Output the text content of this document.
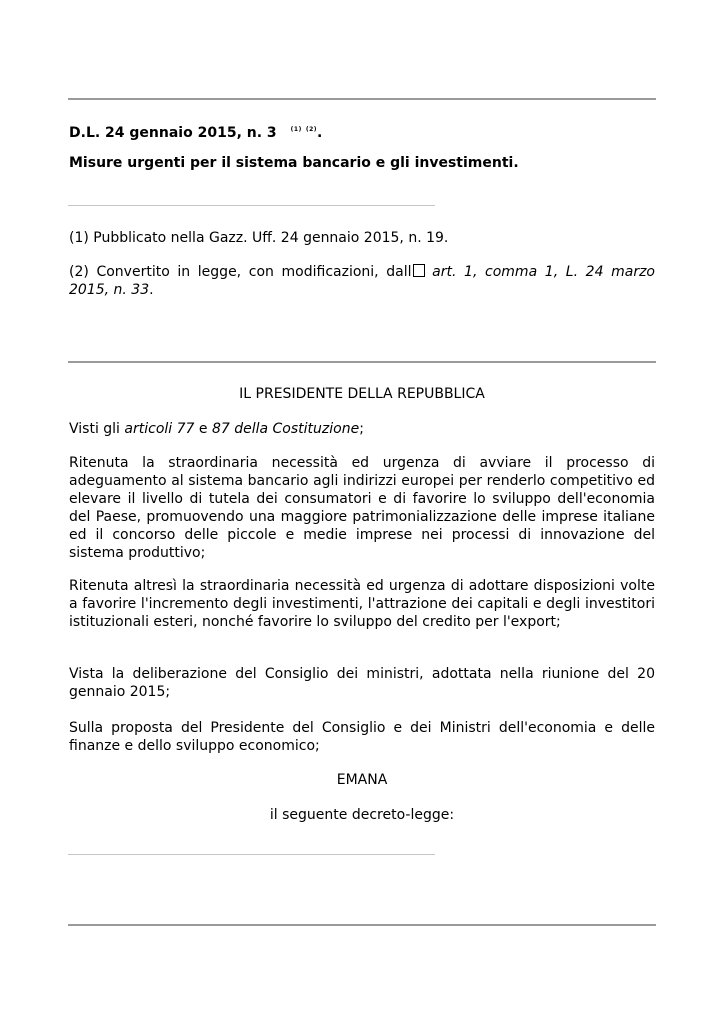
D.L. 24 gennaio 2015, n. 3 $^{(1)}$ $^{(2)}$.

Misure urgenti per il sistema bancario e gli investimenti.

(1) Pubblicato nella Gazz. Uff. 24 gennaio 2015, n. 19.

(2) Convertito in legge, con modificazioni, dall art. 1, comma 1, L. 24 marzo 2015, n. 33.

IL PRESIDENTE DELLA REPUBBLICA

Visti gli articoli 77 e 87 della Costituzione;

Ritenuta la straordinaria necessità ed urgenza di avviare il processo di adeguamento al sistema bancario agli indirizzi europei per renderlo competitivo ed elevare il livello di tutela dei consumatori e di favorire lo sviluppo dell'economia del Paese, promuovendo una maggiore patrimonializzazione delle imprese italiane ed il concorso delle piccole e medie imprese nei processi di innovazione del sistema produttivo;

Ritenuta altresì la straordinaria necessità ed urgenza di adottare disposizioni volte a favorire l'incremento degli investimenti, l'attrazione dei capitali e degli investitori istituzionali esteri, nonché favorire lo sviluppo del credito per l'export;

Vista la deliberazione del Consiglio dei ministri, adottata nella riunione del 20 gennaio 2015;

Sulla proposta del Presidente del Consiglio e dei Ministri dell'economia e delle finanze e dello sviluppo economico;

EMANA

il seguente decreto-legge:
